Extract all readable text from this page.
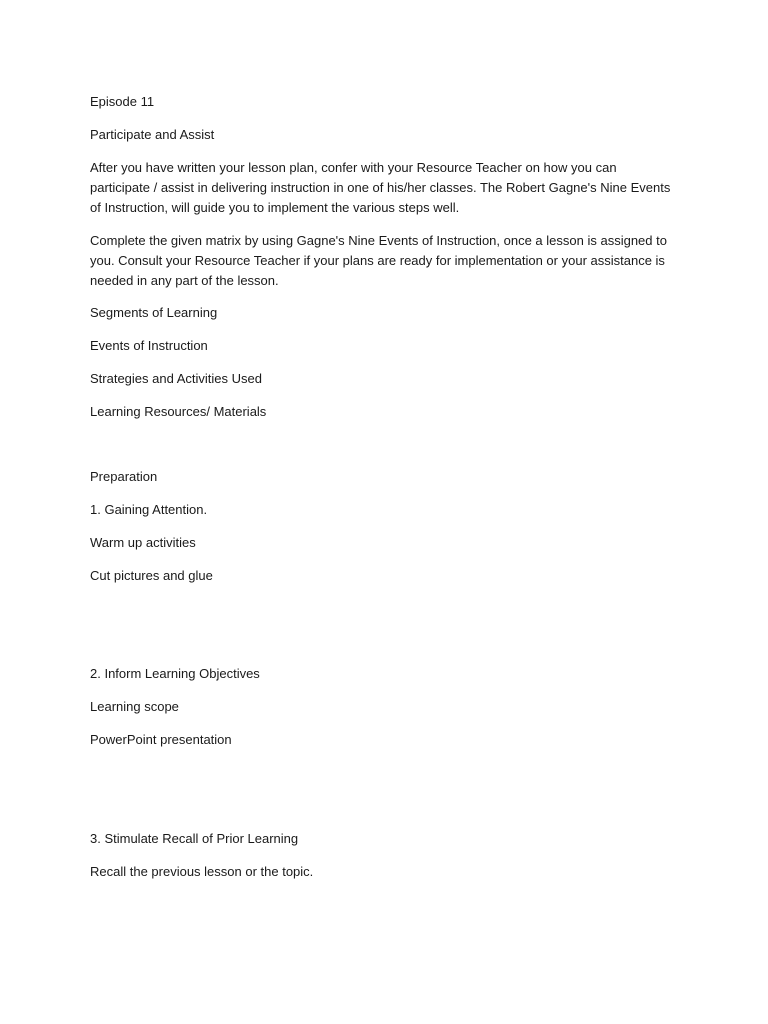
Episode 11

Participate and Assist

After you have written your lesson plan, confer with your Resource Teacher on how you can participate / assist in delivering instruction in one of his/her classes. The Robert Gagne's Nine Events of Instruction, will guide you to implement the various steps well.

Complete the given matrix by using Gagne's Nine Events of Instruction, once a lesson is assigned to you. Consult your Resource Teacher if your plans are ready for implementation or your assistance is needed in any part of the lesson.

Segments of Learning

Events of Instruction

Strategies and Activities Used

Learning Resources/ Materials

Preparation

1. Gaining Attention.

Warm up activities

Cut pictures and glue

2. Inform Learning Objectives

Learning scope

PowerPoint presentation

3. Stimulate Recall of Prior Learning

Recall the previous lesson or the topic.
